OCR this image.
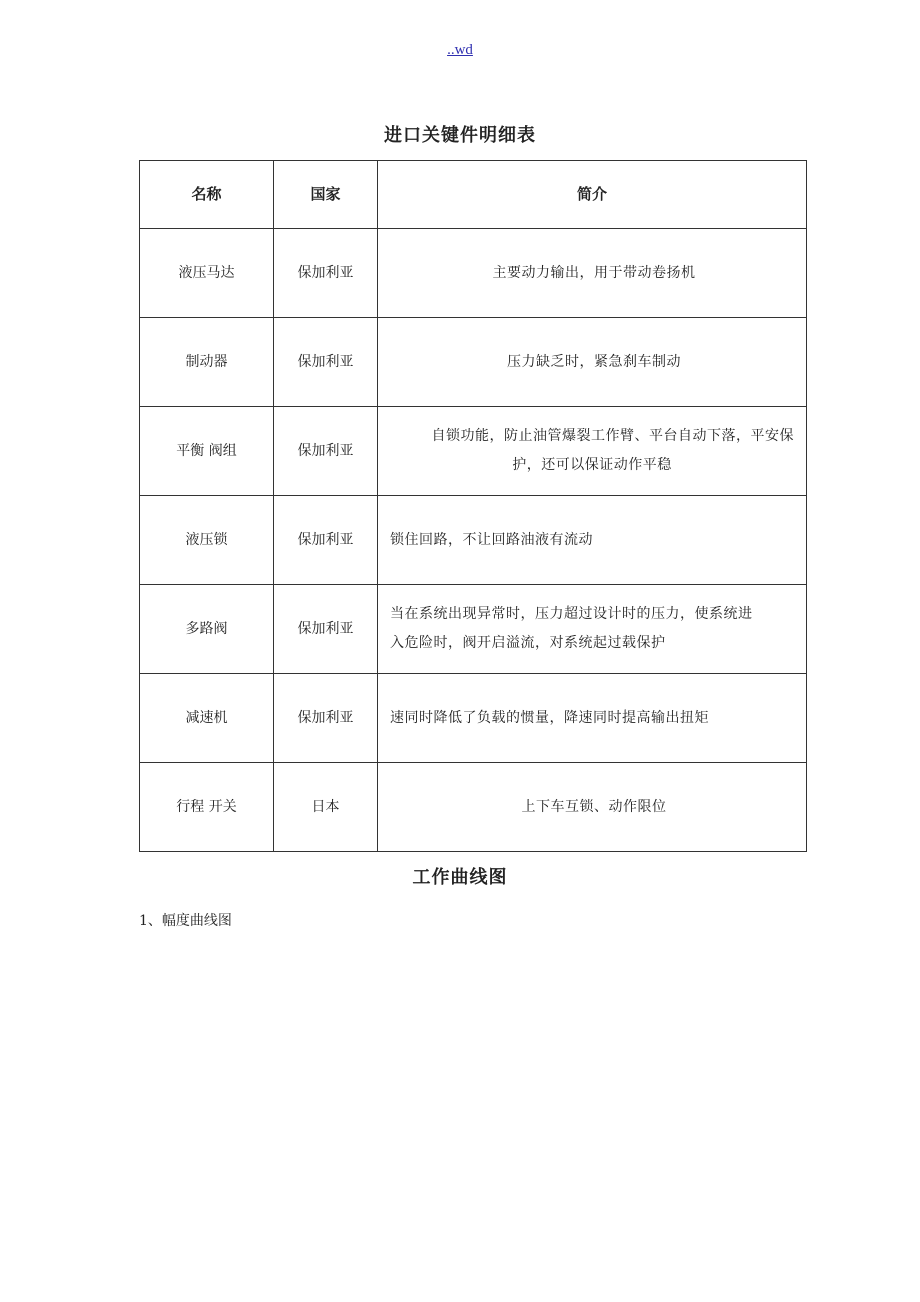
..wd
进口关键件明细表
名称	国家	简介
液压马达	保加利亚	主要动力输出，用于带动卷扬机
制动器	保加利亚	压力缺乏时，紧急刹车制动
平衡 阀组	保加利亚	自锁功能，防止油管爆裂工作臂、平台自动下落，平安保
护，还可以保证动作平稳

液压锁	保加利亚	锁住回路，不让回路油液有流动
多路阀	保加利亚	当在系统出现异常时，压力超过设计时的压力，使系统进
入危险时，阀开启溢流，对系统起过载保护

减速机	保加利亚	速同时降低了负载的惯量，降速同时提高输出扭矩
行程 开关	日本	上下车互锁、动作限位
工作曲线图
1、幅度曲线图
